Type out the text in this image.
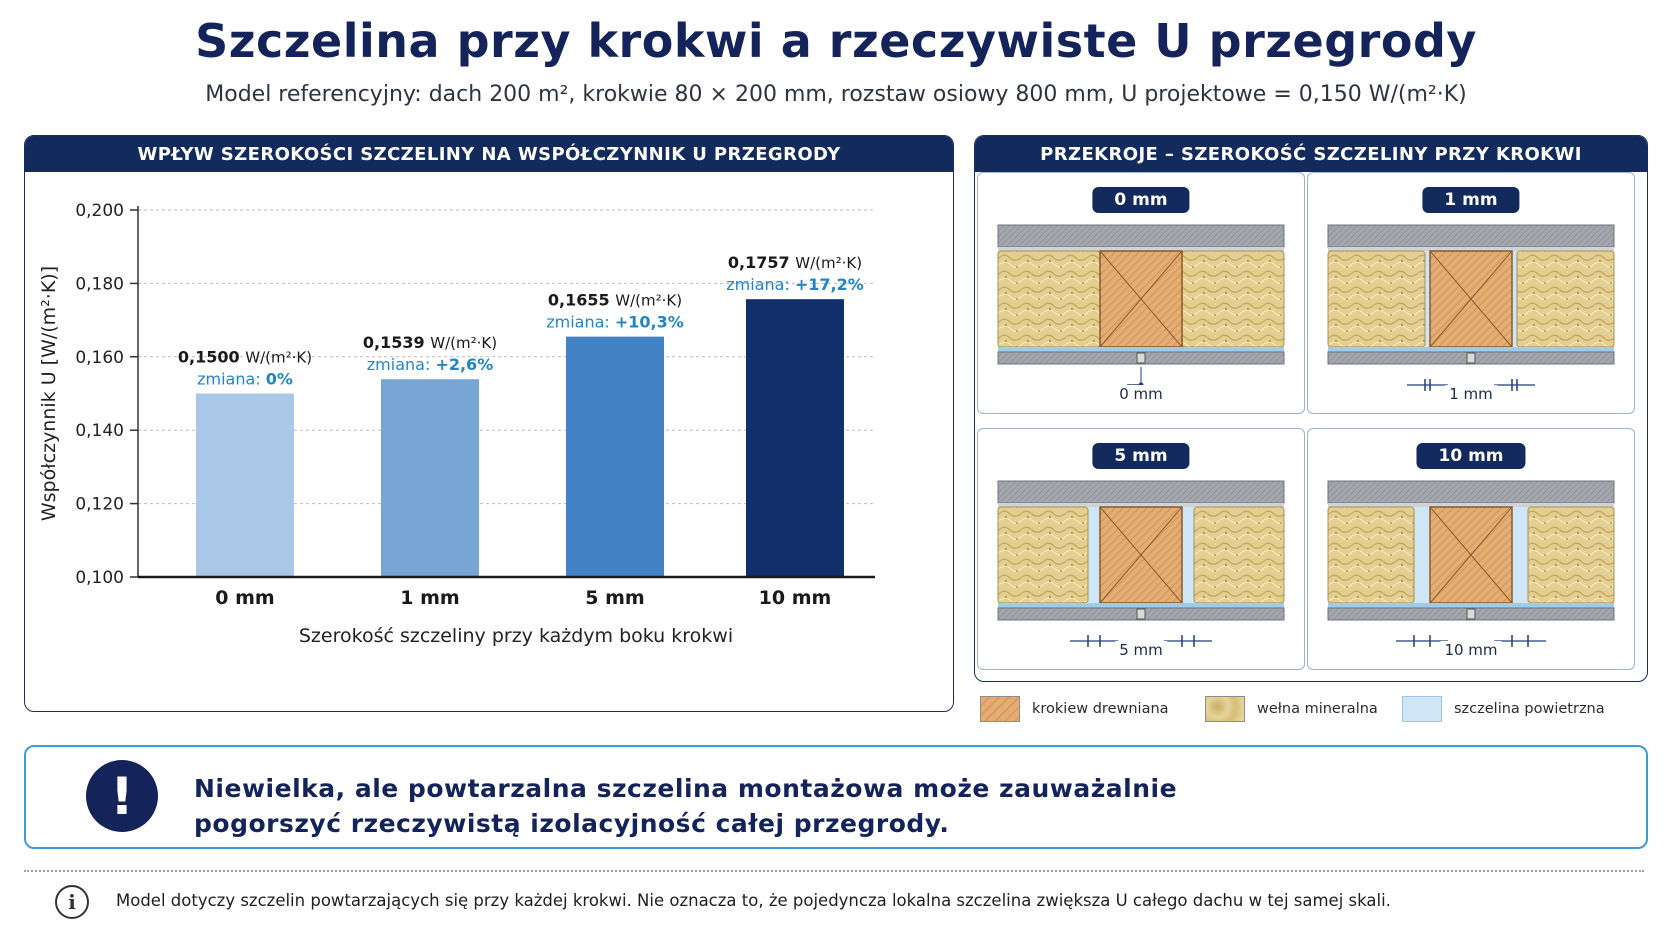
Szczelina przy krokwi a rzeczywiste U przegrody
Model referencyjny: dach 200 m², krokwie 80 × 200 mm, rozstaw osiowy 800 mm, U projektowe = 0,150 W/(m²·K)
WPŁYW SZEROKOŚCI SZCZELINY NA WSPÓŁCZYNNIK U PRZEGRODY
0,100
0,120
0,140
0,160
0,180
0,200
Współczynnik U [W/(m²·K)]	0,1500 W/(m²·K)
zmiana: 0%
0 mm
0,1539 W/(m²·K)
zmiana: +2,6%
1 mm
0,1655 W/(m²·K)
zmiana: +10,3%
5 mm
0,1757 W/(m²·K)
zmiana: +17,2%
10 mm
Szerokość szczeliny przy każdym boku krokwi
PRZEKROJE – SZEROKOŚĆ SZCZELINY PRZY KROKWI
0 mm
0 mm
1 mm
1 mm
5 mm
5 mm
10 mm
10 mm
krokiew drewniana	wełna mineralna	szczelina powietrzna
!	Niewielka, ale powtarzalna szczelina montażowa może zauważalnie
pogorszyć rzeczywistą izolacyjność całej przegrody.
i	Model dotyczy szczelin powtarzających się przy każdej krokwi. Nie oznacza to, że pojedyncza lokalna szczelina zwiększa U całego dachu w tej samej skali.
